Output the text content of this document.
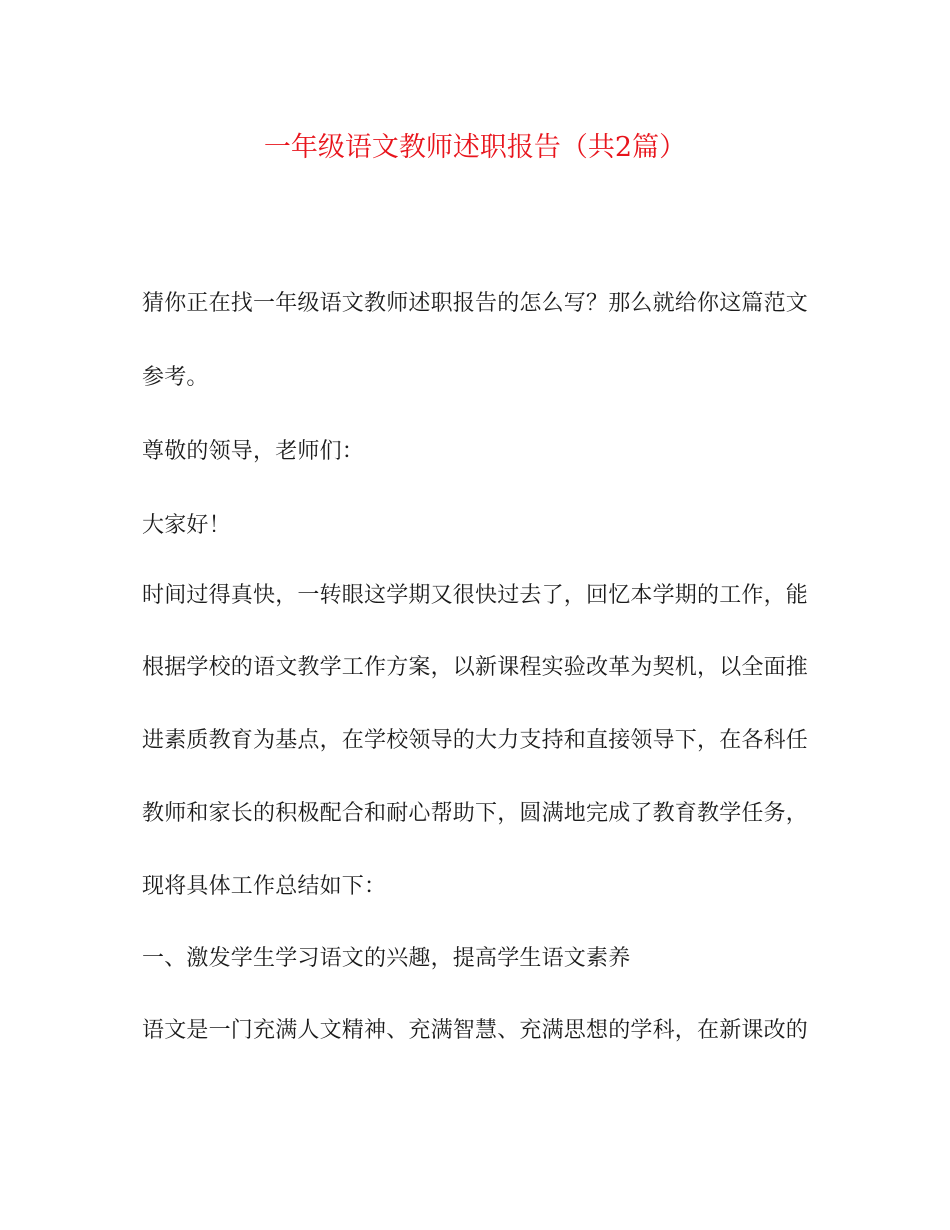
一年级语文教师述职报告（共2篇）

猜你正在找一年级语文教师述职报告的怎么写？那么就给你这篇范文

参考。

尊敬的领导，老师们：

大家好！

时间过得真快，一转眼这学期又很快过去了，回忆本学期的工作，能

根据学校的语文教学工作方案，以新课程实验改革为契机，以全面推

进素质教育为基点，在学校领导的大力支持和直接领导下，在各科任

教师和家长的积极配合和耐心帮助下，圆满地完成了教育教学任务，

现将具体工作总结如下：

一、激发学生学习语文的兴趣，提高学生语文素养

语文是一门充满人文精神、充满智慧、充满思想的学科，在新课改的
